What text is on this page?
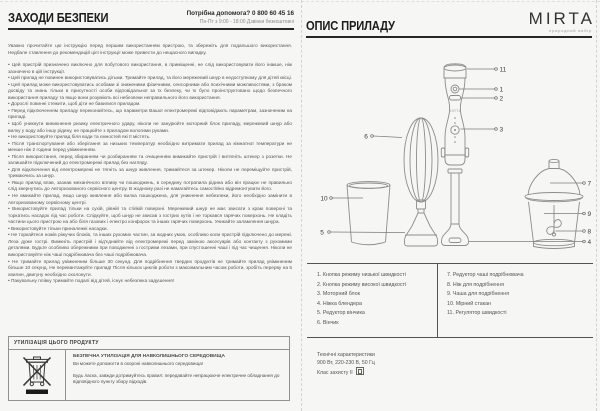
ЗАХОДИ БЕЗПЕКИ	Потрібна допомога? 0 800 60 45 16
Пн-Пт з 9:00 - 18:00 Дзвінки безкоштовні

Уважно прочитайте цю інструкцію перед першим використанням пристрою, та збережіть для подальшого використання. Недбале ставлення до рекомендацій цієї інструкції може привести до нещасного випадку.

• Цей пристрій призначено виключно для побутового використання, в приміщенні, не слід використовувати його інакше, ніж зазначено в цій інструкції.

• Цей прилад не повинен використовуватись дітьми. Тримайте прилад, та його мережевий шнур в недоступному для дітей місці.

• Цей прилад може використовуватись особами зі зниженими фізичними, сенсорними або психічними можливостями, з браком досвіду та знань тільки в присутності особи відповідальної за їх безпеку, чи їх було проінструктовано щодо безпечного використання приладу та якщо вони розуміють всі небезпеки неправильного його використання.

• Дорослі повинні стежити, щоб діти не бавилися приладом.

• Перед підключенням приладу переконайтесь, що параметри Вашої електромережі відповідають параметрам, зазначеним на приладі.

• Щоб уникнути виникнення ризику електричного удару, ніколи не занурюйте моторний блок приладу, мережевий шнур або вилку у воду або іншу рідину, не працюйте з приладом вологими руками.

• Не використовуйте прилад біля води та ємностей які її містять.

• Після транспортування або зберігання за низьких температур необхідно витримати прилад за кімнатної температури не менше ніж 2 години перед увімкненням.

• Після використання, перед збиранням чи розбиранням та очищенням вимикайте пристрій і витягніть штекер з розетки. Не залишайте підключений до електромережі прилад без нагляду.

• Для відключення від електромережі не тягніть за шнур живлення, тримайтеся за штекер. Ніколи не переміщуйте пристрій, тримаючись за шнур.

• Якщо прилад впав, зазнав механічного впливу чи пошкоджень, в середину потрапила рідина або він працює не правильно слід звернутись до Авторизованого сервісного центру. В жодному разі не намагайтесь самостійно відремонтувати його.

• Не вмикайте прилад, якщо шнур живлення або вилка пошкоджена, для уникнення небезпеки, його необхідно замінити в Авторизованому сервісному центрі.

• Використовуйте прилад тільки на сухій, рівній та стійкій поверхні. Мережевий шнур не має звисати з краю поверхні та торкатись насадок під час роботи. Слідкуйте, щоб шнур не звисав з гострих кутів і не торкався гарячих поверхонь. Не кладіть частини цього пристрою на або біля газових і електро конфорок та інших гарячих поверхонь. Уникайте заламлення шнура.

• Використовуйте тільки приналежні насадки.

• Не торкайтеся ножів ріжучих блоків, та інших рухомих частин, за жодних умов, особливо коли пристрій підключено до мережі. Леза дуже гострі. Вимкніть пристрій і від'єднайте від електромережі перед заміною аксесуарів або контакту з рухомими деталями. Будьте особливо обережними при поводженні з гострими лезами, при спустошенні чаші і під час чищення. Ніколи не використовуйте ніж чаші подрібнювача без чаші подрібнювача.

• Не тримайте прилад увімкненим більше 30 секунд. Для подрібнення твердих продуктів не тримайте прилад увімкненим більше 10 секунд. Не перевантажуйте прилад! Після кількох циклів роботи з максимальним часом роботи, зробіть перерву на 5 хвилин, двигуну необхідно охолонути.

• Пакувальну плівку тримайте подалі від дітей, існує небезпека задушення!

УТИЛІЗАЦІЯ ЦЬОГО ПРОДУКТУ
БЕЗПЕЧНА УТИЛІЗАЦІЯ ДЛЯ НАВКОЛИШНЬОГО СЕРЕДОВИЩА
Ви можете допомогти в охороні навколишнього середовища!
Будь ласка, завжди дотримуйтесь правил: передавайте непрацююче електричне обладнання до відповідного пункту збору відходів.
ОПИС ПРИЛАДУ	MIRTA
природний вибір
MIRTA
11
1
2
3
7
9
8
4
6
10
5

1. Кнопка режиму низької швидкості

2. Кнопка режиму високої швидкості

3. Моторний блок

4. Ніжка блендера

5. Редуктор вінчика

6. Вінчик

7. Редуктор чаші подрібнювача

8. Ніж для подрібнення

9. Чаша для подрібнення

10. Мірний стакан

11. Регулятор швидкості

Технічні характеристики

900 Вт, 220-230 В, 50 Гц

Клас захисту II
